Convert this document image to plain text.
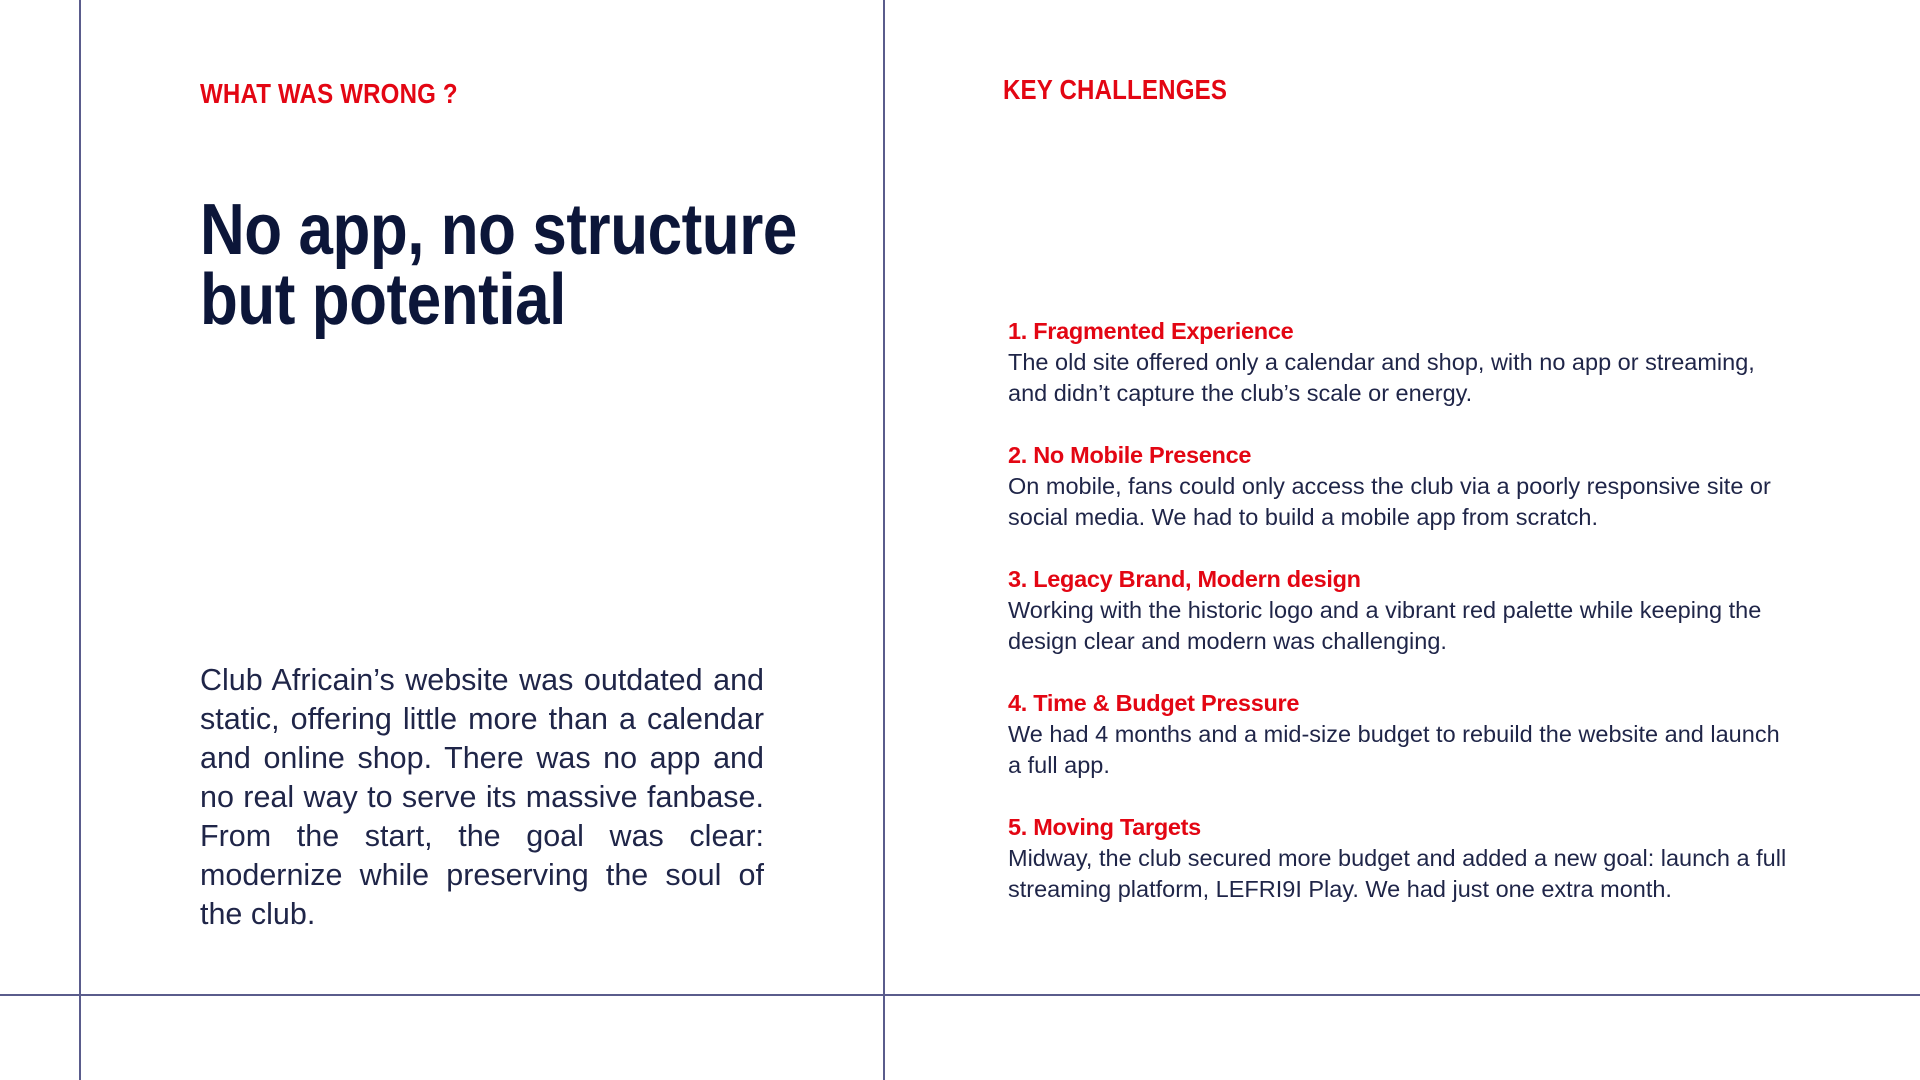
WHAT WAS WRONG ?
No app, no structure
but potential

Club Africain’s website was outdated and static, offering little more than a calendar and online shop. There was no app and no real way to serve its massive fanbase. From the start, the goal was clear: modernize while preserving the soul of the club.

KEY CHALLENGES
1. Fragmented Experience
The old site offered only a calendar and shop, with no app or streaming, and didn’t capture the club’s scale or energy.
2. No Mobile Presence
On mobile, fans could only access the club via a poorly responsive site or social media. We had to build a mobile app from scratch.
3. Legacy Brand, Modern design
Working with the historic logo and a vibrant red palette while keeping the design clear and modern was challenging.
4. Time & Budget Pressure
We had 4 months and a mid-size budget to rebuild the website and launch a full app.
5. Moving Targets
Midway, the club secured more budget and added a new goal: launch a full streaming platform, LEFRI9I Play. We had just one extra month.
